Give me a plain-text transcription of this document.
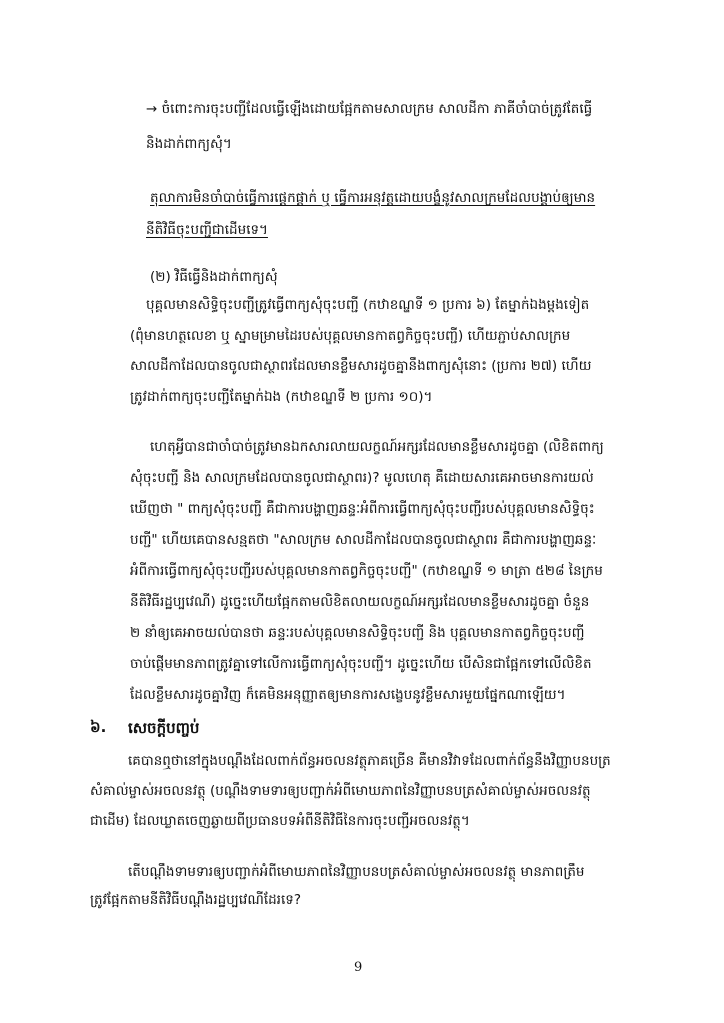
→ ចំពោះការចុះបញ្ជីដែលធ្វើឡើងដោយផ្អែកតាមសាលក្រម សាលដីកា ភាគីចាំបាច់ត្រូវតែធ្វើ
និងដាក់ពាក្យសុំ។
តុលាការមិនចាំបាច់ធ្វើការផ្ដេកផ្ដាក់ ឬ ធ្វើការអនុវត្តដោយបង្ខំនូវសាលក្រមដែលបង្គាប់ឲ្យមាន
នីតិវិធីចុះបញ្ជីជាដើមទេ។
(២) វិធីធ្វើនិងដាក់ពាក្យសុំ
បុគ្គលមានសិទ្ធិចុះបញ្ជីត្រូវធ្វើពាក្យសុំចុះបញ្ជី (កឋាខណ្ឌទី ១ ប្រការ ៦) តែម្នាក់ឯងម្ដងទៀត
(ពុំមានហត្ថលេខា ឬ ស្នាមម្រាមដៃរបស់បុគ្គលមានកាតព្វកិច្ចចុះបញ្ជី) ហើយភ្ជាប់សាលក្រម
សាលដីកាដែលបានចូលជាស្ថាពរដែលមានខ្លឹមសារដូចគ្នានឹងពាក្យសុំនោះ (ប្រការ ២៧) ហើយ
ត្រូវដាក់ពាក្យចុះបញ្ជីតែម្នាក់ឯង (កឋាខណ្ឌទី ២ ប្រការ ១០)។
ហេតុអ្វីបានជាចាំបាច់ត្រូវមានឯកសារលាយលក្ខណ៍អក្សរដែលមានខ្លឹមសារដូចគ្នា (លិខិតពាក្យ
សុំចុះបញ្ជី និង សាលក្រមដែលបានចូលជាស្ថាពរ)? មូលហេតុ គឺដោយសារគេអាចមានការយល់
ឃើញថា " ពាក្យសុំចុះបញ្ជី គឺជាការបង្ហាញឆន្ទៈអំពីការធ្វើពាក្យសុំចុះបញ្ជីរបស់បុគ្គលមានសិទ្ធិចុះ
បញ្ជី" ហើយគេបានសន្មតថា "សាលក្រម សាលដីកាដែលបានចូលជាស្ថាពរ គឺជាការបង្ហាញឆន្ទៈ
អំពីការធ្វើពាក្យសុំចុះបញ្ជីរបស់បុគ្គលមានកាតព្វកិច្ចចុះបញ្ជី" (កឋាខណ្ឌទី ១ មាត្រា ៥២៨ នៃក្រម
នីតិវិធីរដ្ឋប្បវេណី) ដូច្នេះហើយផ្អែកតាមលិខិតលាយលក្ខណ៍អក្សរដែលមានខ្លឹមសារដូចគ្នា ចំនួន
២ នាំឲ្យគេអាចយល់បានថា ឆន្ទៈរបស់បុគ្គលមានសិទ្ធិចុះបញ្ជី និង បុគ្គលមានកាតព្វកិច្ចចុះបញ្ជី
ចាប់ផ្ដើមមានភាពត្រូវគ្នាទៅលើការធ្វើពាក្យសុំចុះបញ្ជី។ ដូច្នេះហើយ បើសិនជាផ្អែកទៅលើលិខិត
ដែលខ្លឹមសារដូចគ្នាវិញ ក៏គេមិនអនុញ្ញាតឲ្យមានការសង្ខេបនូវខ្លឹមសារមួយផ្នែកណាឡើយ។
៦. សេចក្ដីបញ្ចប់
គេបានឮថានៅក្នុងបណ្ដឹងដែលពាក់ព័ន្ធអចលនវត្ថុភាគច្រើន គឺមានវិវាទដែលពាក់ព័ន្ធនឹងវិញ្ញាបនបត្រ
សំគាល់ម្ចាស់អចលនវត្ថុ (បណ្ដឹងទាមទារឲ្យបញ្ជាក់អំពីមោឃភាពនៃវិញ្ញាបនបត្រសំគាល់ម្ចាស់អចលនវត្ថុ
ជាដើម) ដែលឃ្លាតចេញឆ្ងាយពីប្រធានបទអំពីនីតិវិធីនៃការចុះបញ្ជីអចលនវត្ថុ។
តើបណ្ដឹងទាមទារឲ្យបញ្ជាក់អំពីមោឃភាពនៃវិញ្ញាបនបត្រសំគាល់ម្ចាស់អចលនវត្ថុ មានភាពត្រឹម
ត្រូវផ្អែកតាមនីតិវិធីបណ្ដឹងរដ្ឋប្បវេណីដែរទេ?
9
